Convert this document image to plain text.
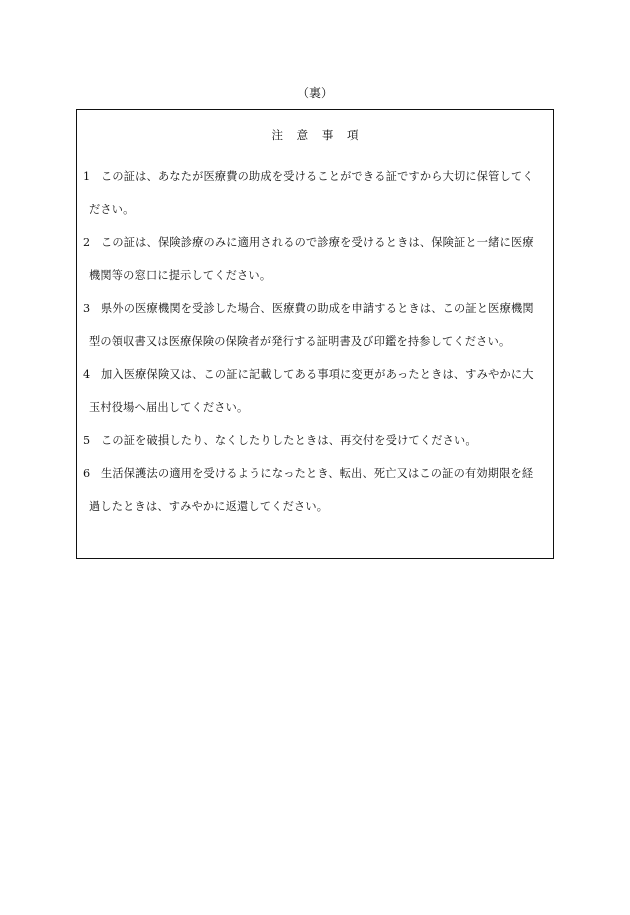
（裏）
注 意 事 項
1 この証は、あなたが医療費の助成を受けることができる証ですから大切に保管してく
ださい。
2 この証は、保険診療のみに適用されるので診療を受けるときは、保険証と一緒に医療
機関等の窓口に提示してください。
3 県外の医療機関を受診した場合、医療費の助成を申請するときは、この証と医療機関
型の領収書又は医療保険の保険者が発行する証明書及び印鑑を持参してください。
4 加入医療保険又は、この証に記載してある事項に変更があったときは、すみやかに大
玉村役場へ届出してください。
5 この証を破損したり、なくしたりしたときは、再交付を受けてください。
6 生活保護法の適用を受けるようになったとき、転出、死亡又はこの証の有効期限を経
過したときは、すみやかに返還してください。
